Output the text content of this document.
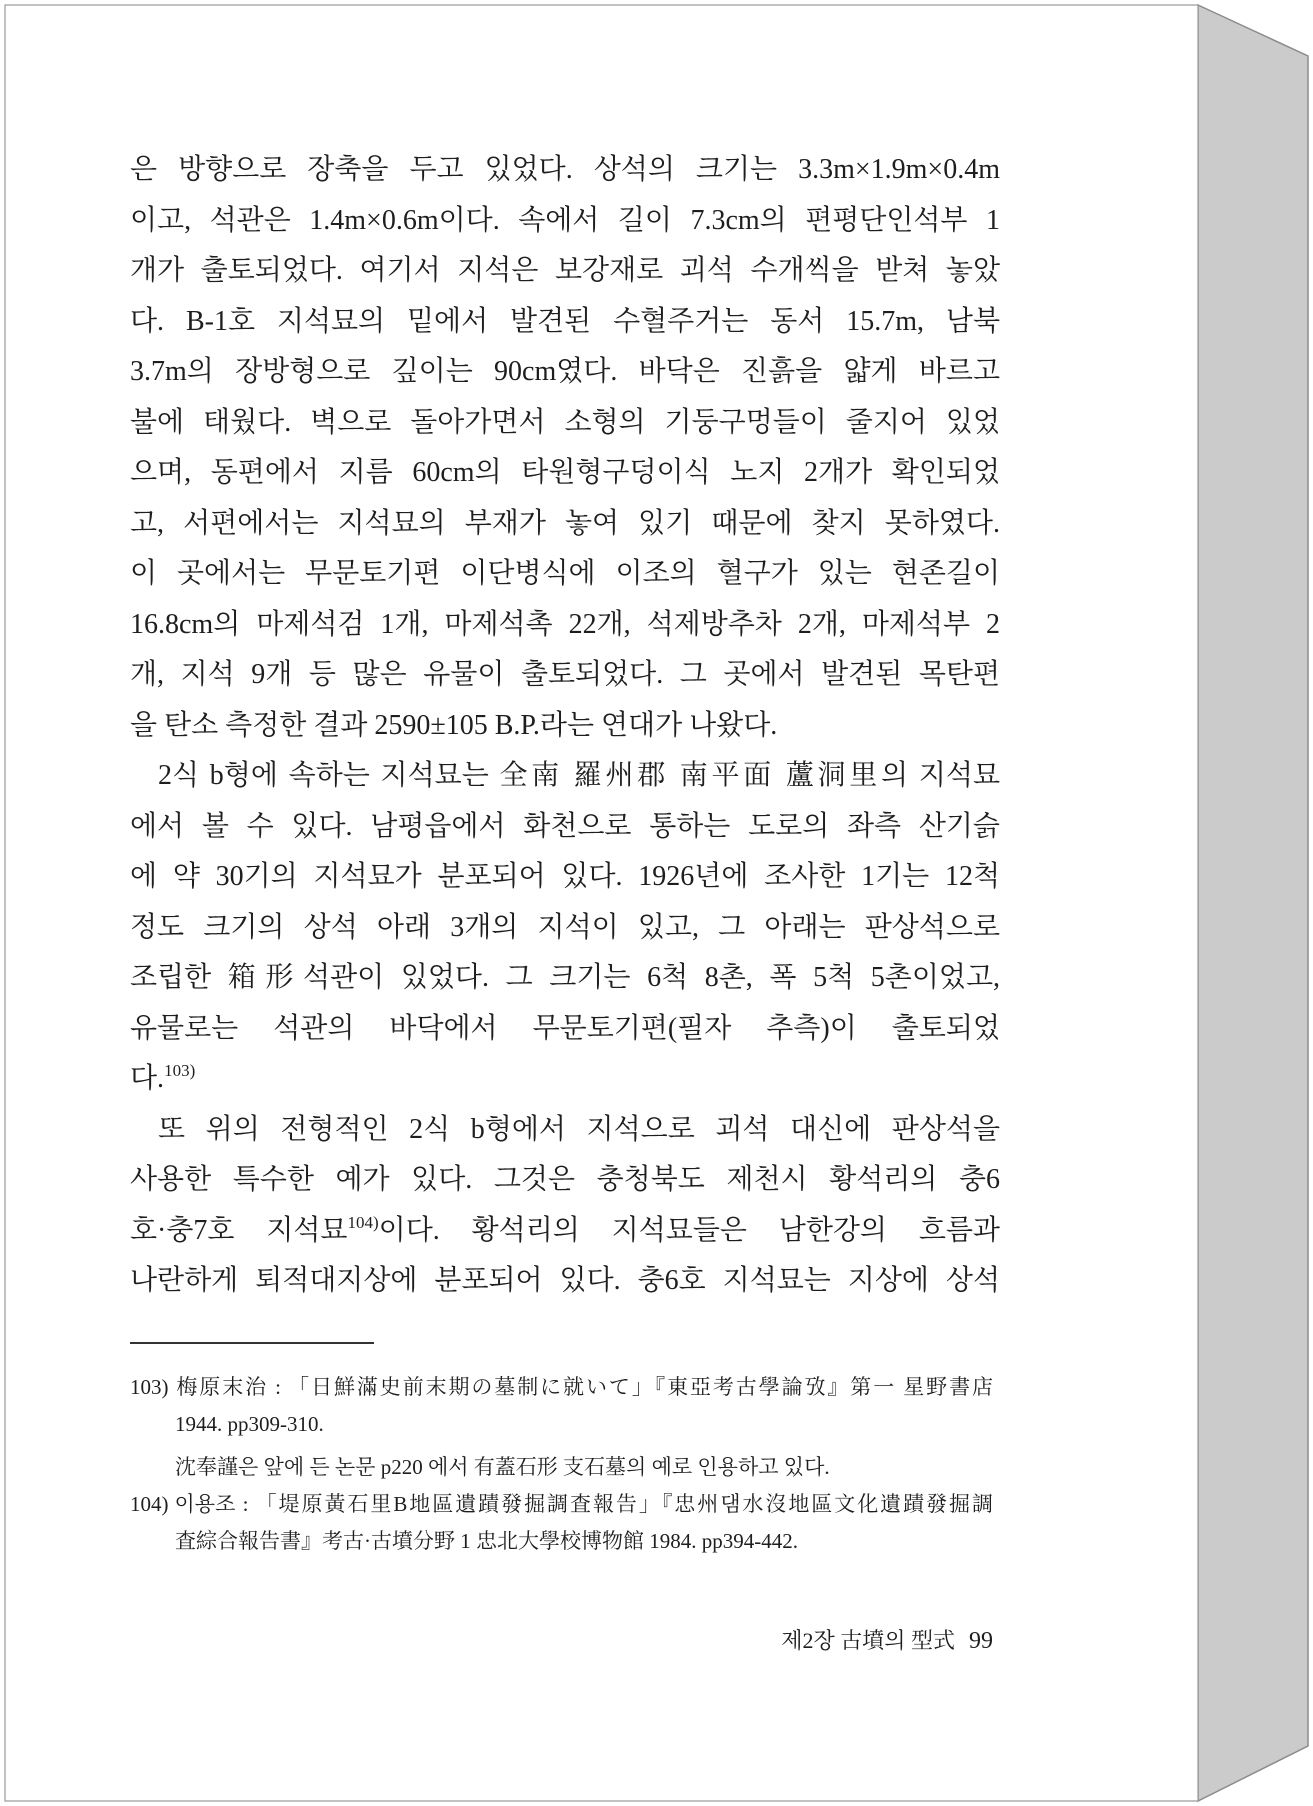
은 방향으로 장축을 두고 있었다. 상석의 크기는 3.3m×1.9m×0.4m
이고, 석관은 1.4m×0.6m이다. 속에서 길이 7.3cm의 편평단인석부 1
개가 출토되었다. 여기서 지석은 보강재로 괴석 수개씩을 받쳐 놓았
다. B-1호 지석묘의 밑에서 발견된 수혈주거는 동서 15.7m, 남북
3.7m의 장방형으로 깊이는 90cm였다. 바닥은 진흙을 얇게 바르고
불에 태웠다. 벽으로 돌아가면서 소형의 기둥구멍들이 줄지어 있었
으며, 동편에서 지름 60cm의 타원형구덩이식 노지 2개가 확인되었
고, 서편에서는 지석묘의 부재가 놓여 있기 때문에 찾지 못하였다.
이 곳에서는 무문토기편 이단병식에 이조의 혈구가 있는 현존길이
16.8cm의 마제석검 1개, 마제석촉 22개, 석제방추차 2개, 마제석부 2
개, 지석 9개 등 많은 유물이 출토되었다. 그 곳에서 발견된 목탄편
을 탄소 측정한 결과 2590±105 B.P.라는 연대가 나왔다.
2식 b형에 속하는 지석묘는 全南 羅州郡 南平面 蘆洞里의 지석묘
에서 볼 수 있다. 남평읍에서 화천으로 통하는 도로의 좌측 산기슭
에 약 30기의 지석묘가 분포되어 있다. 1926년에 조사한 1기는 12척
정도 크기의 상석 아래 3개의 지석이 있고, 그 아래는 판상석으로
조립한 箱形석관이 있었다. 그 크기는 6척 8촌, 폭 5척 5촌이었고,
유물로는 석관의 바닥에서 무문토기편(필자 추측)이 출토되었
다.$^{103)}$
또 위의 전형적인 2식 b형에서 지석으로 괴석 대신에 판상석을
사용한 특수한 예가 있다. 그것은 충청북도 제천시 황석리의 충6
호·충7호 지석묘$^{104)}$이다. 황석리의 지석묘들은 남한강의 흐름과
나란하게 퇴적대지상에 분포되어 있다. 충6호 지석묘는 지상에 상석
103) 梅原末治 : 「日鮮滿史前末期の墓制に就いて」『東亞考古學論攷』第一 星野書店
1944. pp309-310.
沈奉謹은 앞에 든 논문 p220 에서 有蓋石形 支石墓의 예로 인용하고 있다.
104) 이용조 : 「堤原黃石里B地區遺蹟發掘調査報告」『忠州댐水沒地區文化遺蹟發掘調
査綜合報告書』考古·古墳分野 1 忠北大學校博物館 1984. pp394-442.
제2장 古墳의 型式 99
